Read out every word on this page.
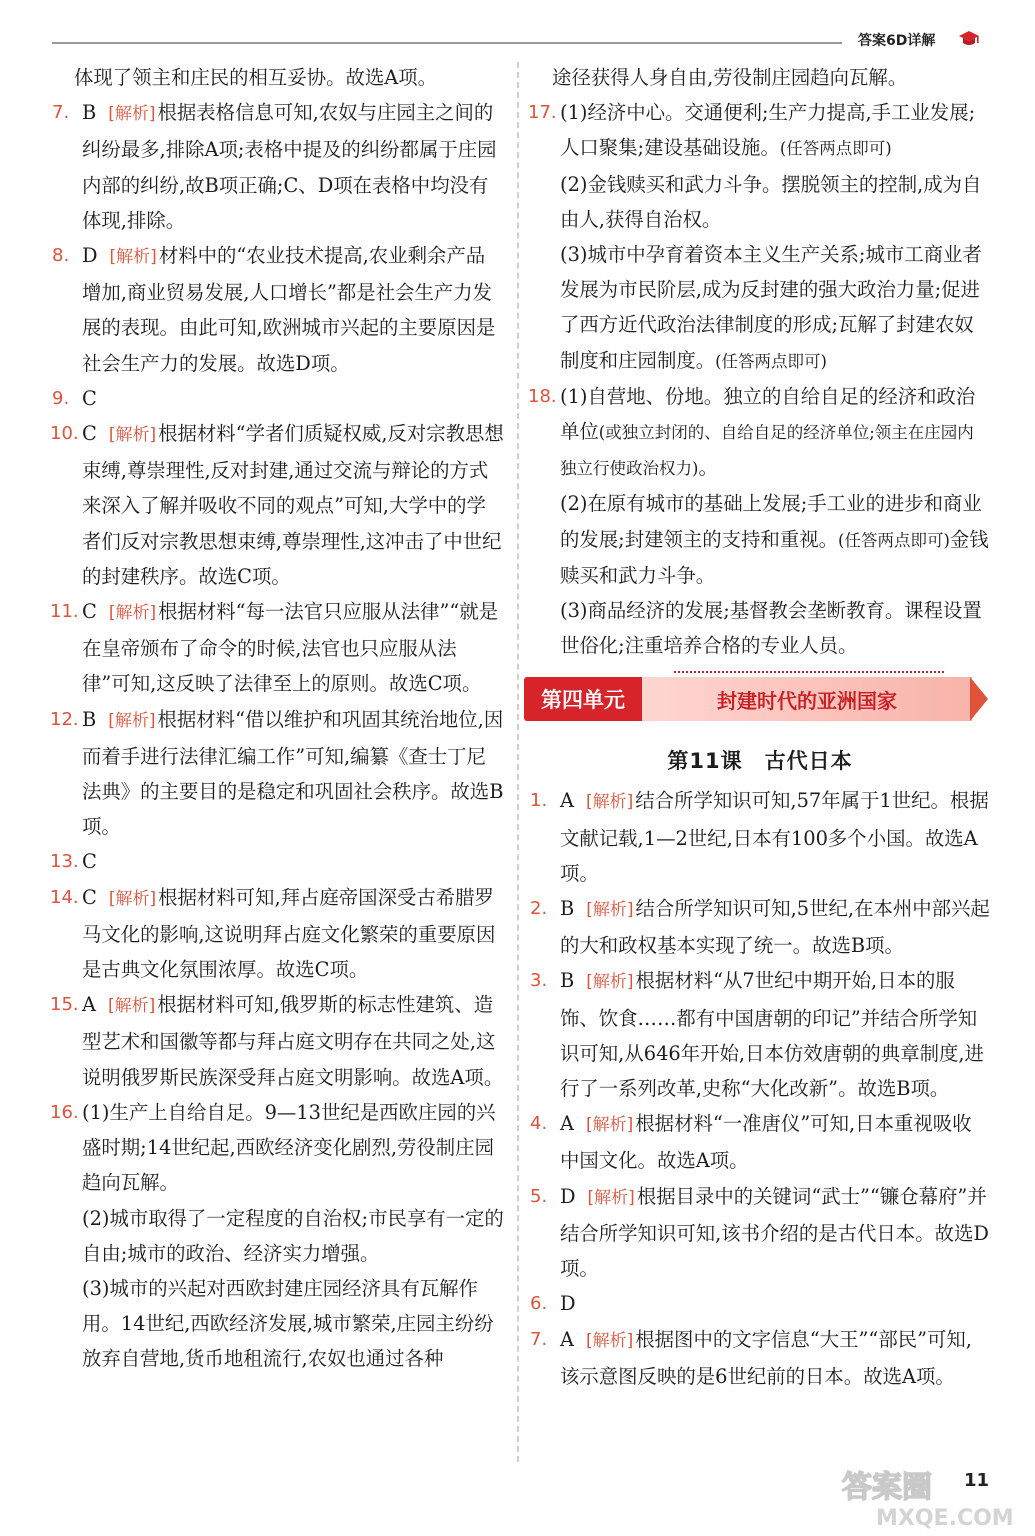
答案6D详解
体现了领主和庄民的相互妥协。故选A项。
7. B [解析] 根据表格信息可知,农奴与庄园主之间的纠纷最多,排除A项;表格中提及的纠纷都属于庄园内部的纠纷,故B项正确;C、D项在表格中均没有体现,排除。
8. D [解析] 材料中的“农业技术提高,农业剩余产品增加,商业贸易发展,人口增长”都是社会生产力发展的表现。由此可知,欧洲城市兴起的主要原因是社会生产力的发展。故选D项。
9. C
10. C [解析] 根据材料“学者们质疑权威,反对宗教思想束缚,尊崇理性,反对封建,通过交流与辩论的方式来深入了解并吸收不同的观点”可知,大学中的学者们反对宗教思想束缚,尊崇理性,这冲击了中世纪的封建秩序。故选C项。
11. C [解析] 根据材料“每一法官只应服从法律”“就是在皇帝颁布了命令的时候,法官也只应服从法律”可知,这反映了法律至上的原则。故选C项。
12. B [解析] 根据材料“借以维护和巩固其统治地位,因而着手进行法律汇编工作”可知,编纂《查士丁尼法典》的主要目的是稳定和巩固社会秩序。故选B项。
13. C
14. C [解析] 根据材料可知,拜占庭帝国深受古希腊罗马文化的影响,这说明拜占庭文化繁荣的重要原因是古典文化氛围浓厚。故选C项。
15. A [解析] 根据材料可知,俄罗斯的标志性建筑、造型艺术和国徽等都与拜占庭文明存在共同之处,这说明俄罗斯民族深受拜占庭文明影响。故选A项。
16. (1)生产上自给自足。9—13世纪是西欧庄园的兴盛时期;14世纪起,西欧经济变化剧烈,劳役制庄园趋向瓦解。
(2)城市取得了一定程度的自治权;市民享有一定的自由;城市的政治、经济实力增强。
(3)城市的兴起对西欧封建庄园经济具有瓦解作用。14世纪,西欧经济发展,城市繁荣,庄园主纷纷放弃自营地,货币地租流行,农奴也通过各种
途径获得人身自由,劳役制庄园趋向瓦解。
17. (1)经济中心。交通便利;生产力提高,手工业发展;人口聚集;建设基础设施。(任答两点即可)
(2)金钱赎买和武力斗争。摆脱领主的控制,成为自由人,获得自治权。
(3)城市中孕育着资本主义生产关系;城市工商业者发展为市民阶层,成为反封建的强大政治力量;促进了西方近代政治法律制度的形成;瓦解了封建农奴制度和庄园制度。(任答两点即可)
18. (1)自营地、份地。独立的自给自足的经济和政治单位(或独立封闭的、自给自足的经济单位;领主在庄园内独立行使政治权力)。
(2)在原有城市的基础上发展;手工业的进步和商业的发展;封建领主的支持和重视。(任答两点即可)金钱赎买和武力斗争。
(3)商品经济的发展;基督教会垄断教育。课程设置世俗化;注重培养合格的专业人员。
第四单元	封建时代的亚洲国家
第11课　古代日本
1. A [解析] 结合所学知识可知,57年属于1世纪。根据文献记载,1—2世纪,日本有100多个小国。故选A项。
2. B [解析] 结合所学知识可知,5世纪,在本州中部兴起的大和政权基本实现了统一。故选B项。
3. B [解析] 根据材料“从7世纪中期开始,日本的服饰、饮食……都有中国唐朝的印记”并结合所学知识可知,从646年开始,日本仿效唐朝的典章制度,进行了一系列改革,史称“大化改新”。故选B项。
4. A [解析] 根据材料“一准唐仪”可知,日本重视吸收中国文化。故选A项。
5. D [解析] 根据目录中的关键词“武士”“镰仓幕府”并结合所学知识可知,该书介绍的是古代日本。故选D项。
6. D
7. A [解析] 根据图中的文字信息“大王”“部民”可知,该示意图反映的是6世纪前的日本。故选A项。
11
答案圈
MXQE.COM
